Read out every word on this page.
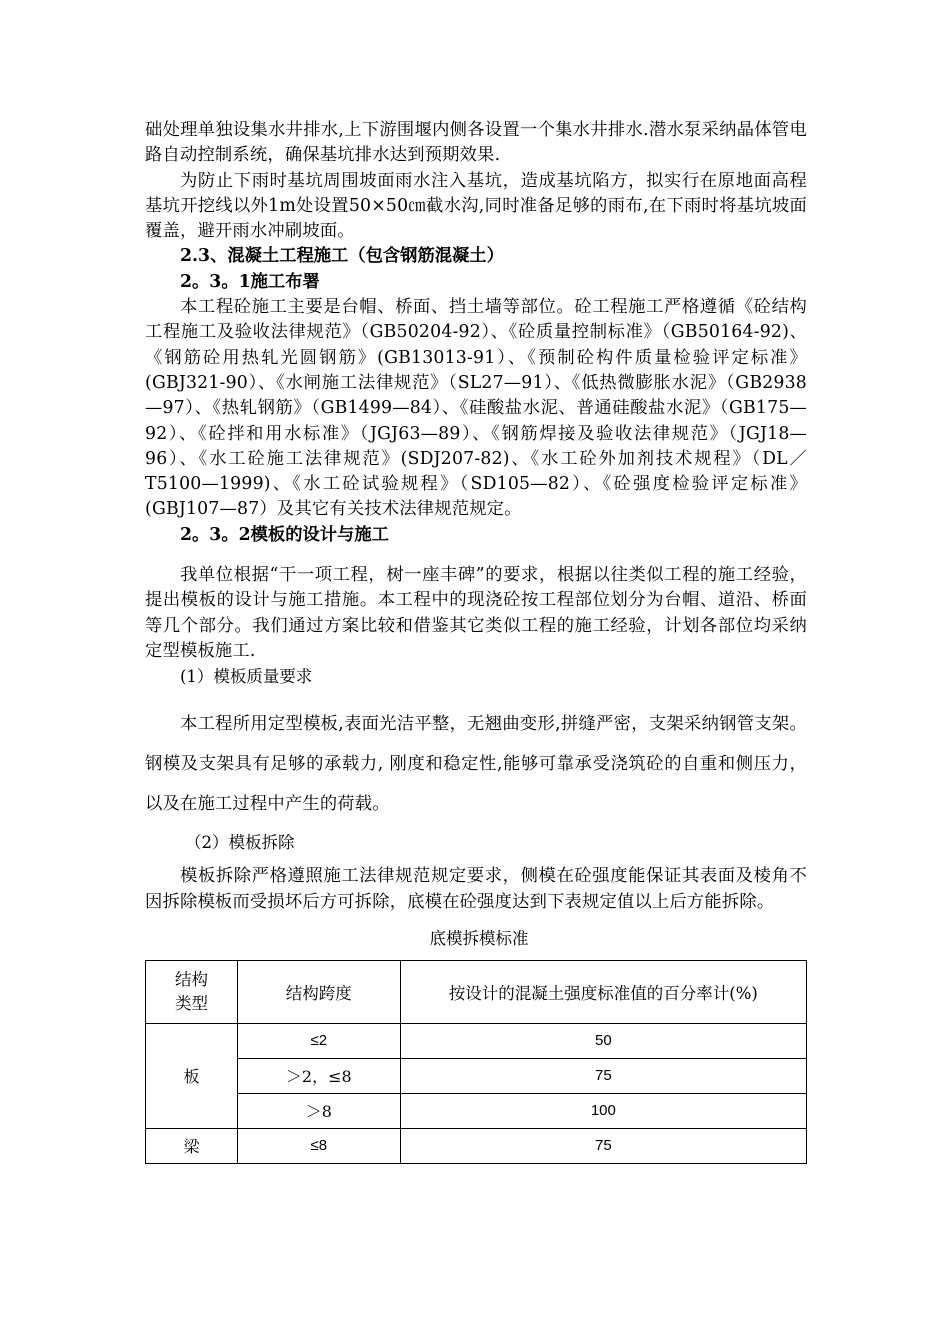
础处理单独设集水井排水,上下游围堰内侧各设置一个集水井排水.潜水泵采纳晶体管电路自动控制系统，确保基坑排水达到预期效果.

为防止下雨时基坑周围坡面雨水注入基坑，造成基坑陷方，拟实行在原地面高程基坑开挖线以外1m处设置50×50㎝截水沟,同时准备足够的雨布,在下雨时将基坑坡面覆盖，避开雨水冲刷坡面。

2.3、混凝土工程施工（包含钢筋混凝土）

2。3。1施工布署

本工程砼施工主要是台帽、桥面、挡土墙等部位。砼工程施工严格遵循《砼结构工程施工及验收法律规范》（GB50204-92）、《砼质量控制标准》（GB50164-92)、《钢筋砼用热轧光圆钢筋》(GB13013-91）、《预制砼构件质量检验评定标准》(GBJ321-90）、《水闸施工法律规范》（SL27—91）、《低热微膨胀水泥》（GB2938—97）、《热轧钢筋》（GB1499—84）、《硅酸盐水泥、普通硅酸盐水泥》（GB175—92）、《砼拌和用水标准》（JGJ63—89）、《钢筋焊接及验收法律规范》（JGJ18—96）、《水工砼施工法律规范》(SDJ207-82)、《水工砼外加剂技术规程》（DL／T5100—1999)、《水工砼试验规程》（SD105—82）、《砼强度检验评定标准》(GBJ107—87）及其它有关技术法律规范规定。

2。3。2模板的设计与施工

我单位根据“干一项工程，树一座丰碑”的要求，根据以往类似工程的施工经验，提出模板的设计与施工措施。本工程中的现浇砼按工程部位划分为台帽、道沿、桥面等几个部分。我们通过方案比较和借鉴其它类似工程的施工经验，计划各部位均采纳定型模板施工.

(1）模板质量要求

本工程所用定型模板,表面光洁平整，无翘曲变形,拼缝严密，支架采纳钢管支架。钢模及支架具有足够的承载力, 刚度和稳定性,能够可靠承受浇筑砼的自重和侧压力，以及在施工过程中产生的荷载。

（2）模板拆除

模板拆除严格遵照施工法律规范规定要求，侧模在砼强度能保证其表面及棱角不因拆除模板而受损坏后方可拆除，底模在砼强度达到下表规定值以上后方能拆除。

底模拆模标准

结构类型	结构跨度	按设计的混凝土强度标准值的百分率计(%)
板	≤2	50
	＞2，≤8	75
	＞8	100
梁	≤8	75
